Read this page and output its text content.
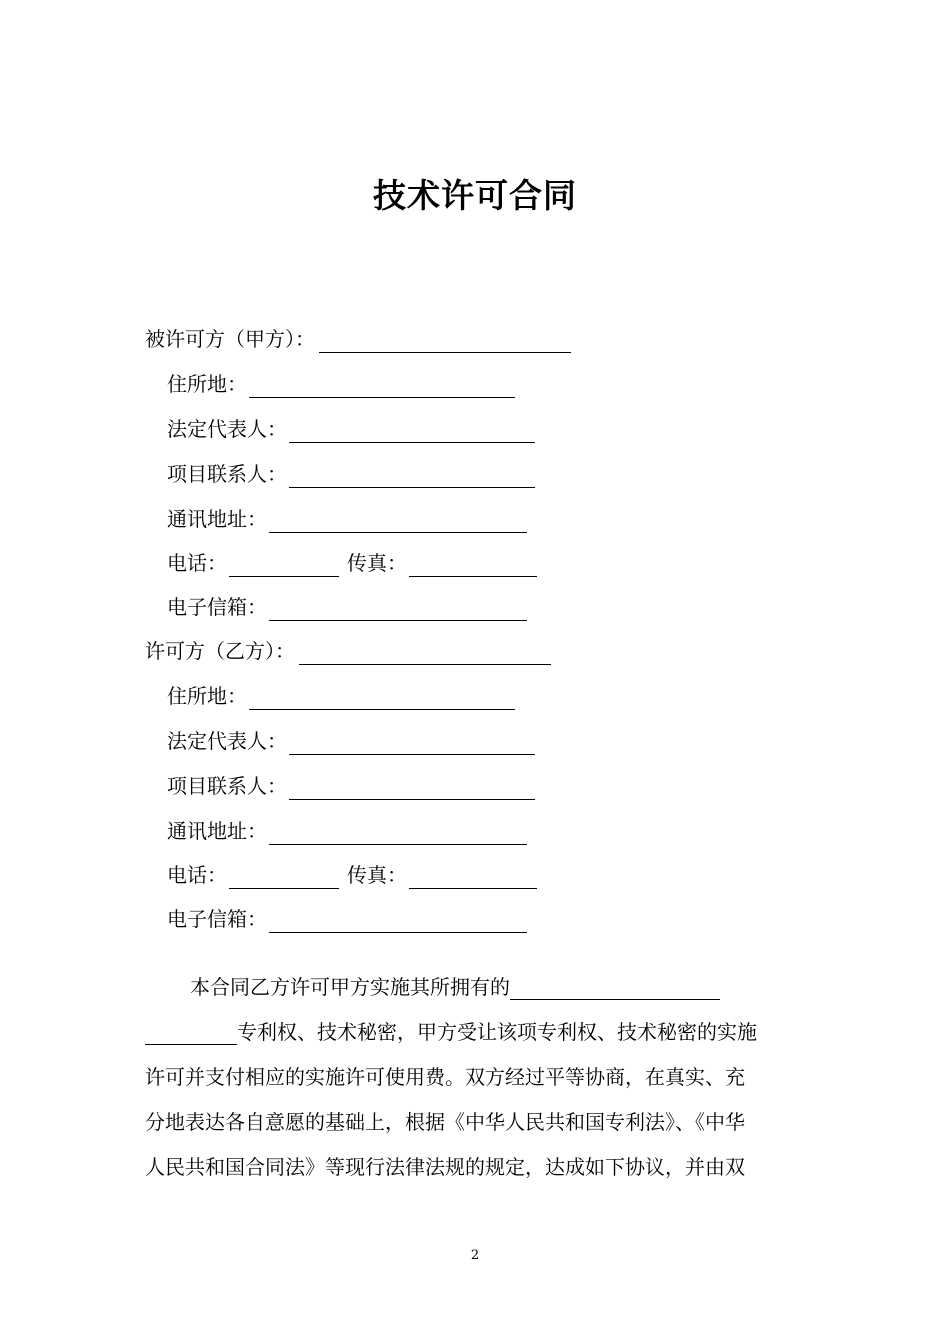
技术许可合同
被许可方（甲方）：
住所地：
法定代表人：
项目联系人：
通讯地址：
电话：	传真：
电子信箱：
许可方（乙方）：
住所地：
法定代表人：
项目联系人：
通讯地址：
电话：	传真：
电子信箱：
本合同乙方许可甲方实施其所拥有的
专利权、技术秘密，甲方受让该项专利权、技术秘密的实施

许可并支付相应的实施许可使用费。双方经过平等协商，在真实、充

分地表达各自意愿的基础上，根据《中华人民共和国专利法》、《中华

人民共和国合同法》等现行法律法规的规定，达成如下协议，并由双

2
